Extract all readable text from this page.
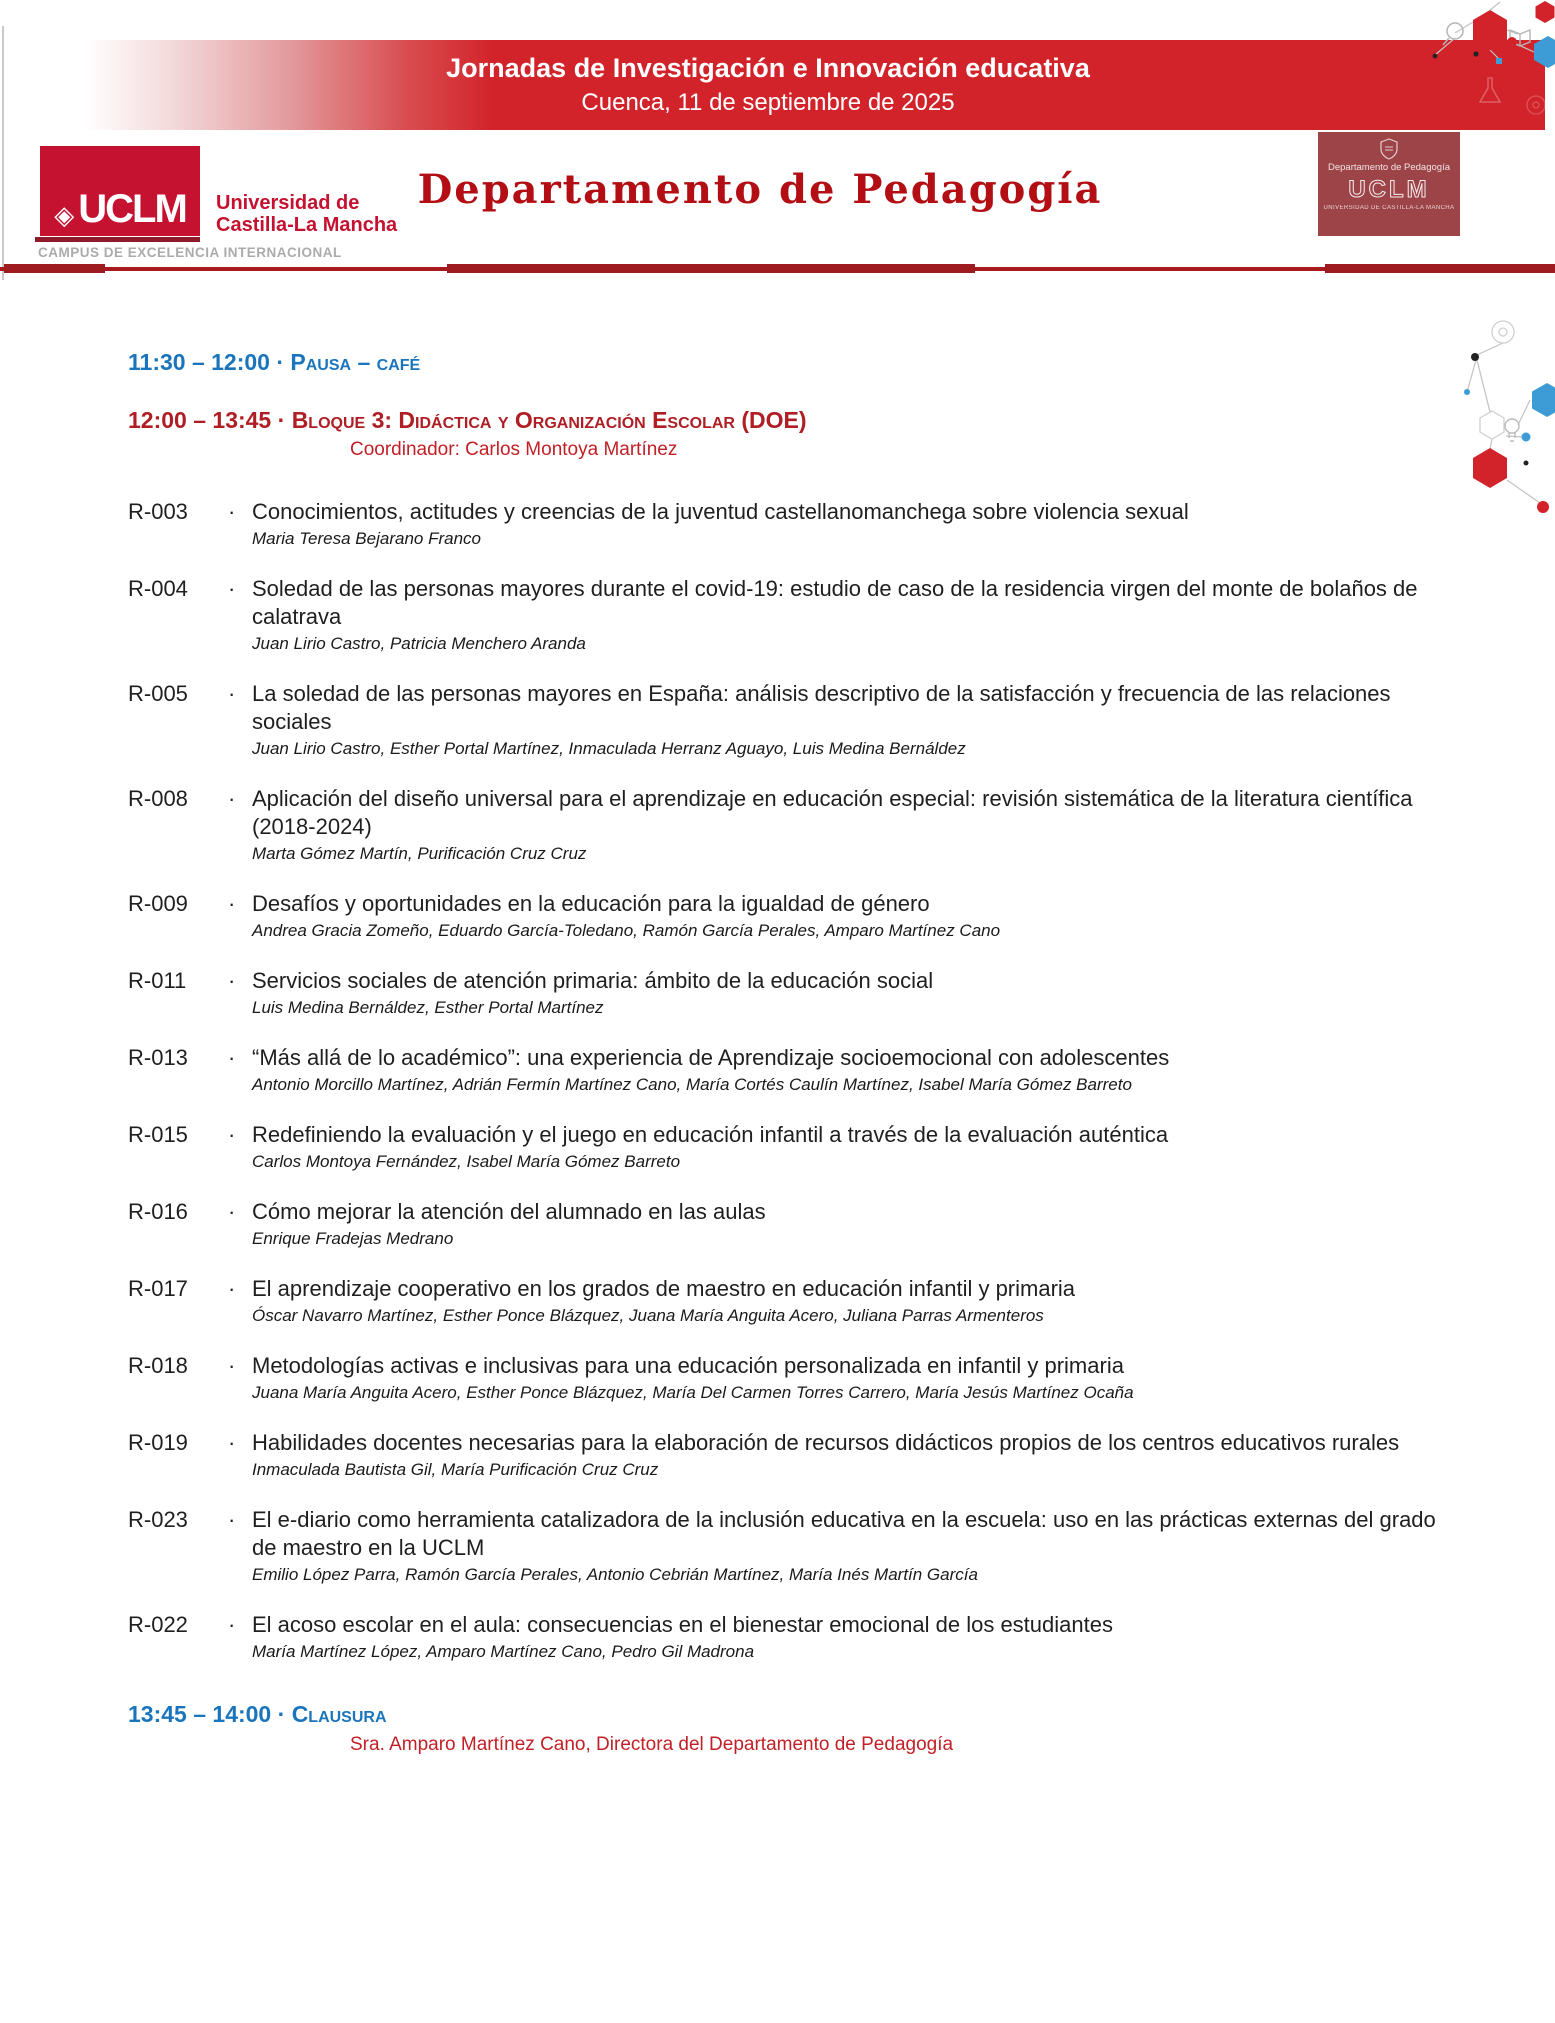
Jornadas de Investigación e Innovación educativa
Cuenca, 11 de septiembre de 2025
◈ UCLM Universidad de
Castilla-La Mancha
CAMPUS DE EXCELENCIA INTERNACIONAL
Departamento de Pedagogía	Departamento de Pedagogía
UCLM
UNIVERSIDAD DE CASTILLA-LA MANCHA
11:30 – 12:00 · Pausa – café
12:00 – 13:45 · Bloque 3: Didáctica y Organización Escolar (DOE)
Coordinador: Carlos Montoya Martínez
R-003	· Conocimientos, actitudes y creencias de la juventud castellanomanchega sobre violencia sexual
Maria Teresa Bejarano Franco
R-004	· Soledad de las personas mayores durante el covid-19: estudio de caso de la residencia virgen del monte de bolaños de calatrava
Juan Lirio Castro, Patricia Menchero Aranda
R-005	· La soledad de las personas mayores en España: análisis descriptivo de la satisfacción y frecuencia de las relaciones sociales
Juan Lirio Castro, Esther Portal Martínez, Inmaculada Herranz Aguayo, Luis Medina Bernáldez
R-008	· Aplicación del diseño universal para el aprendizaje en educación especial: revisión sistemática de la literatura científica (2018-2024)
Marta Gómez Martín, Purificación Cruz Cruz
R-009	· Desafíos y oportunidades en la educación para la igualdad de género
Andrea Gracia Zomeño, Eduardo García-Toledano, Ramón García Perales, Amparo Martínez Cano
R-011	· Servicios sociales de atención primaria: ámbito de la educación social
Luis Medina Bernáldez, Esther Portal Martínez
R-013	· “Más allá de lo académico”: una experiencia de Aprendizaje socioemocional con adolescentes
Antonio Morcillo Martínez, Adrián Fermín Martínez Cano, María Cortés Caulín Martínez, Isabel María Gómez Barreto
R-015	· Redefiniendo la evaluación y el juego en educación infantil a través de la evaluación auténtica
Carlos Montoya Fernández, Isabel María Gómez Barreto
R-016	· Cómo mejorar la atención del alumnado en las aulas
Enrique Fradejas Medrano
R-017	· El aprendizaje cooperativo en los grados de maestro en educación infantil y primaria
Óscar Navarro Martínez, Esther Ponce Blázquez, Juana María Anguita Acero, Juliana Parras Armenteros
R-018	· Metodologías activas e inclusivas para una educación personalizada en infantil y primaria
Juana María Anguita Acero, Esther Ponce Blázquez, María Del Carmen Torres Carrero, María Jesús Martínez Ocaña
R-019	· Habilidades docentes necesarias para la elaboración de recursos didácticos propios de los centros educativos rurales
Inmaculada Bautista Gil, María Purificación Cruz Cruz
R-023	· El e-diario como herramienta catalizadora de la inclusión educativa en la escuela: uso en las prácticas externas del grado de maestro en la UCLM
Emilio López Parra, Ramón García Perales, Antonio Cebrián Martínez, María Inés Martín García
R-022	· El acoso escolar en el aula: consecuencias en el bienestar emocional de los estudiantes
María Martínez López, Amparo Martínez Cano, Pedro Gil Madrona
13:45 – 14:00 · Clausura
Sra. Amparo Martínez Cano, Directora del Departamento de Pedagogía
